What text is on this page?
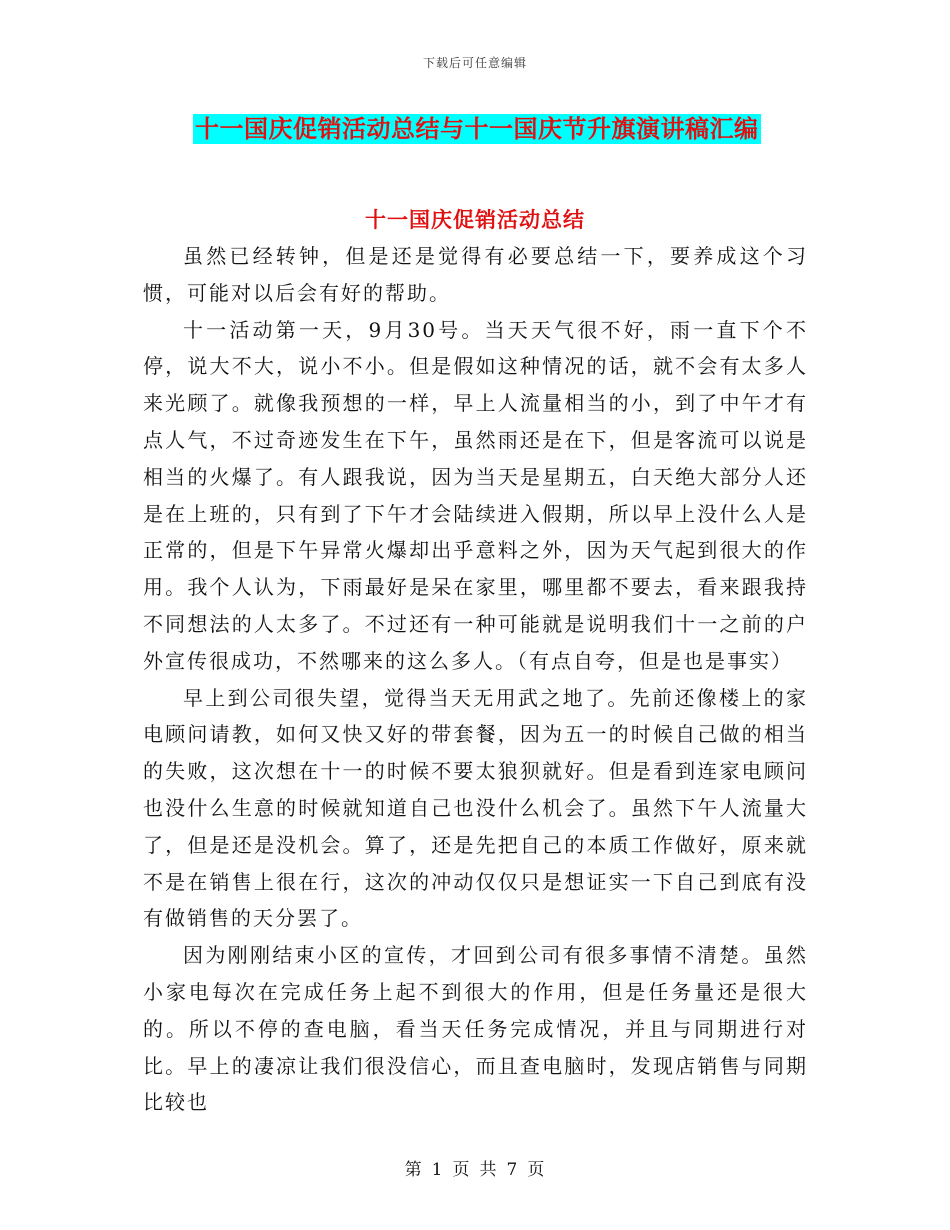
下载后可任意编辑
十一国庆促销活动总结与十一国庆节升旗演讲稿汇编
十一国庆促销活动总结

虽然已经转钟，但是还是觉得有必要总结一下，要养成这个习惯，可能对以后会有好的帮助。

十一活动第一天，9月30号。当天天气很不好，雨一直下个不停，说大不大，说小不小。但是假如这种情况的话，就不会有太多人来光顾了。就像我预想的一样，早上人流量相当的小，到了中午才有点人气，不过奇迹发生在下午，虽然雨还是在下，但是客流可以说是相当的火爆了。有人跟我说，因为当天是星期五，白天绝大部分人还是在上班的，只有到了下午才会陆续进入假期，所以早上没什么人是正常的，但是下午异常火爆却出乎意料之外，因为天气起到很大的作用。我个人认为，下雨最好是呆在家里，哪里都不要去，看来跟我持不同想法的人太多了。不过还有一种可能就是说明我们十一之前的户外宣传很成功，不然哪来的这么多人。（有点自夸，但是也是事实）

早上到公司很失望，觉得当天无用武之地了。先前还像楼上的家电顾问请教，如何又快又好的带套餐，因为五一的时候自己做的相当的失败，这次想在十一的时候不要太狼狈就好。但是看到连家电顾问也没什么生意的时候就知道自己也没什么机会了。虽然下午人流量大了，但是还是没机会。算了，还是先把自己的本质工作做好，原来就不是在销售上很在行，这次的冲动仅仅只是想证实一下自己到底有没有做销售的天分罢了。

因为刚刚结束小区的宣传，才回到公司有很多事情不清楚。虽然小家电每次在完成任务上起不到很大的作用，但是任务量还是很大的。所以不停的查电脑，看当天任务完成情况，并且与同期进行对比。早上的凄凉让我们很没信心，而且查电脑时，发现店销售与同期比较也

第 1 页 共 7 页
